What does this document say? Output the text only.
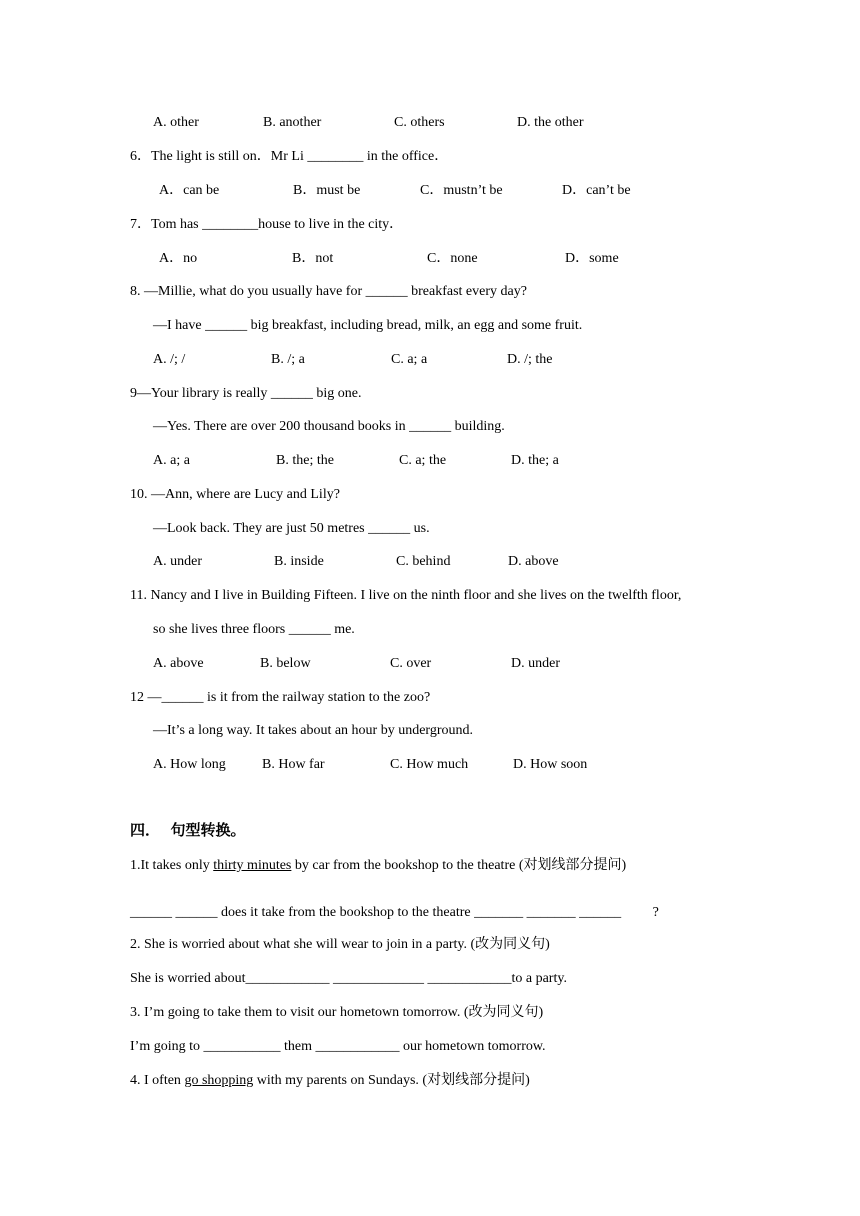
A. other	B. another	C. others	D. the other
6．The light is still on．Mr Li ________ in the office．
A．can be	B．must be	C．mustn’t be	D．can’t be
7．Tom has ________house to live in the city．
A．no	B．not	C．none	D．some
8. —Millie, what do you usually have for ______ breakfast every day?
—I have ______ big breakfast, including bread, milk, an egg and some fruit.
A. /; /	B. /; a	C. a; a	D. /; the
9—Your library is really ______ big one.
—Yes. There are over 200 thousand books in ______ building.
A. a; a	B. the; the	C. a; the	D. the; a
10. —Ann, where are Lucy and Lily?
—Look back. They are just 50 metres ______ us.
A. under	B. inside	C. behind	D. above
11. Nancy and I live in Building Fifteen. I live on the ninth floor and she lives on the twelfth floor,
so she lives three floors ______ me.
A. above	B. below	C. over	D. under
12 —______ is it from the railway station to the zoo?
—It’s a long way. It takes about an hour by underground.
A. How long	B. How far	C. How much	D. How soon
四．  句型转换。
1.It takes only thirty minutes by car from the bookshop to the theatre (对划线部分提问)
______ ______ does it take from the bookshop to the theatre _______ _______ ______         ?
2. She is worried about what she will wear to join in a party. (改为同义句)
She is worried about____________ _____________ ____________to a party.
3. I’m going to take them to visit our hometown tomorrow. (改为同义句)
I’m going to ___________ them ____________ our hometown tomorrow.
4. I often go shopping with my parents on Sundays. (对划线部分提问)
